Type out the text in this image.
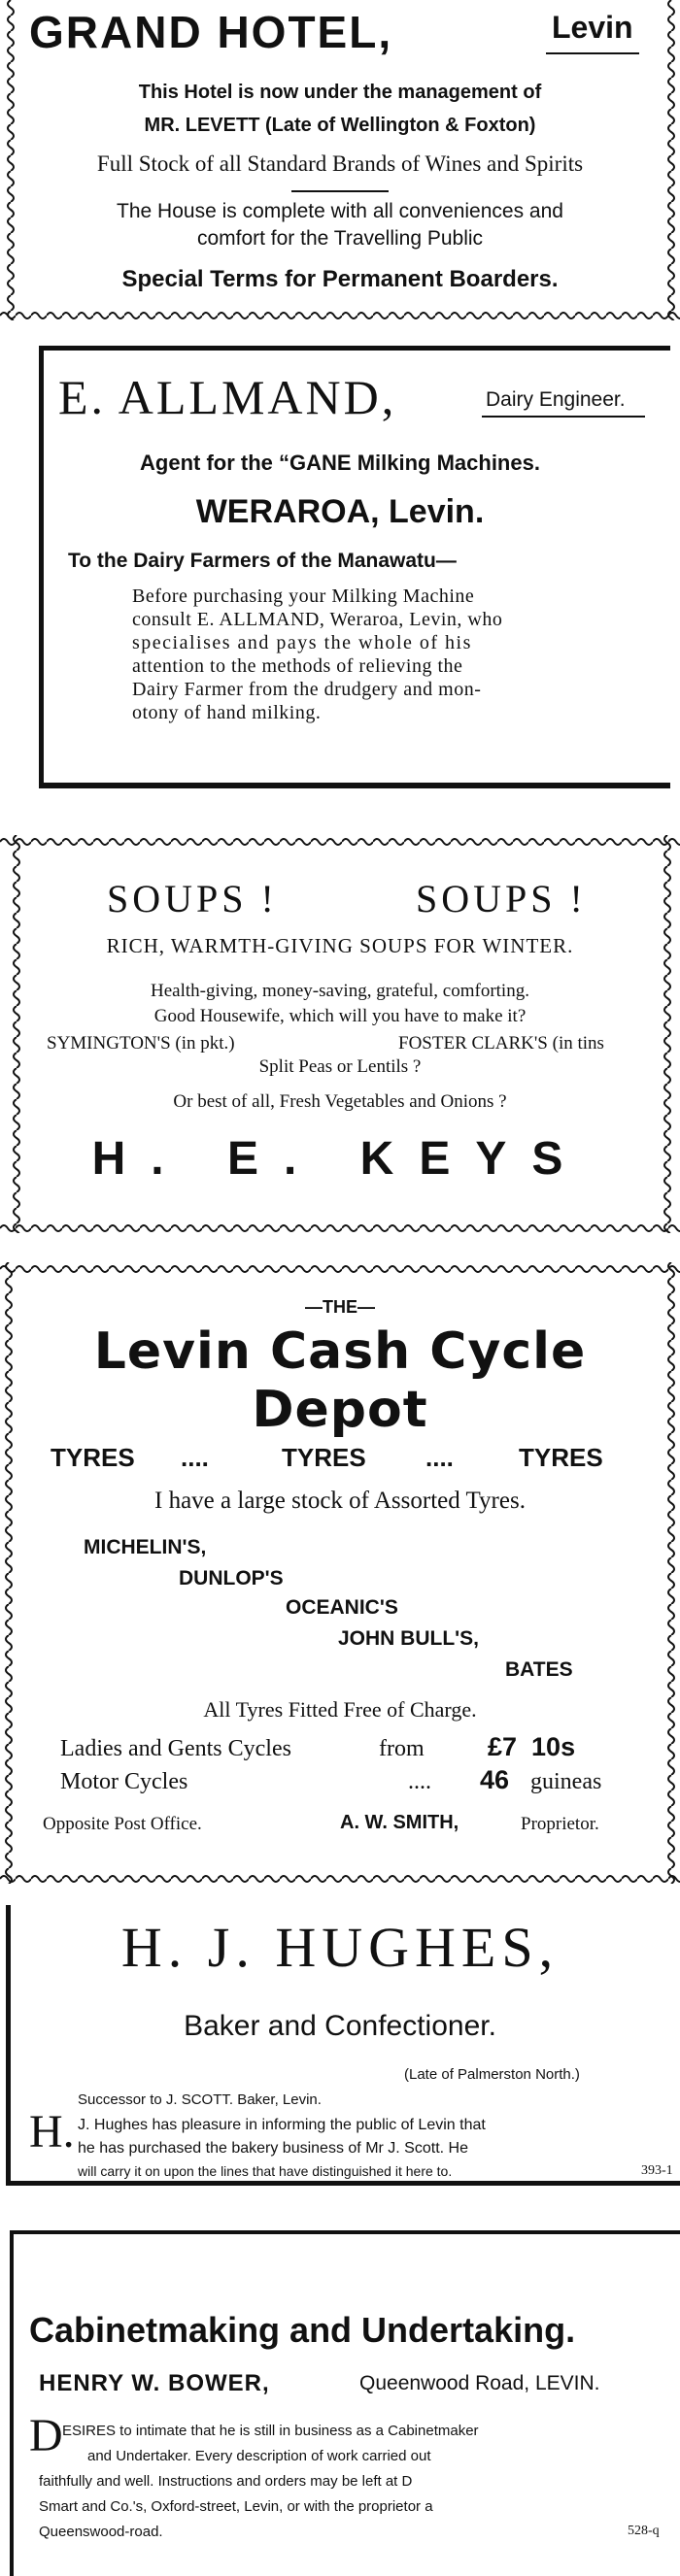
GRAND HOTEL,	Levin
This Hotel is now under the management of
MR. LEVETT (Late of Wellington & Foxton)
Full Stock of all Standard Brands of Wines and Spirits
The House is complete with all conveniences and
comfort for the Travelling Public
Special Terms for Permanent Boarders.
E. ALLMAND,	Dairy Engineer.
Agent for the “GANE Milking Machines.
WERAROA, Levin.
To the Dairy Farmers of the Manawatu—
Before purchasing your Milking Machine
consult E. ALLMAND, Weraroa, Levin, who
specialises and pays the whole of his
attention to the methods of relieving the
Dairy Farmer from the drudgery and mon-
otony of hand milking.
SOUPS !	SOUPS !
RICH, WARMTH-GIVING SOUPS FOR WINTER.
Health-giving, money-saving, grateful, comforting.
Good Housewife, which will you have to make it?
SYMINGTON'S (in pkt.)	FOSTER CLARK'S (in tins
Split Peas or Lentils ?
Or best of all, Fresh Vegetables and Onions ?
H. E. KEYS
—THE—
Levin Cash Cycle Depot
TYRES ....	TYRES ....	TYRES
I have a large stock of Assorted Tyres.
MICHELIN'S,
DUNLOP'S
OCEANIC'S
JOHN BULL'S,
BATES
All Tyres Fitted Free of Charge.
Ladies and Gents Cycles	from £7  10s
Motor Cycles	.... 46 guineas
Opposite Post Office.	A. W. SMITH,	Proprietor.
H. J. HUGHES,
Baker and Confectioner.
(Late of Palmerston North.)
Successor to J. SCOTT. Baker, Levin.
H. J. Hughes has pleasure in informing the public of Levin that
he has purchased the bakery business of Mr J. Scott. He
will carry it on upon the lines that have distinguished it here to.	393-1
Cabinetmaking and Undertaking.
HENRY W. BOWER,	Queenwood Road, LEVIN.
D ESIRES to intimate that he is still in business as a Cabinetmaker
and Undertaker. Every description of work carried out
faithfully and well. Instructions and orders may be left at D
Smart and Co.'s, Oxford-street, Levin, or with the proprietor a
Queenswood-road.	528-q
